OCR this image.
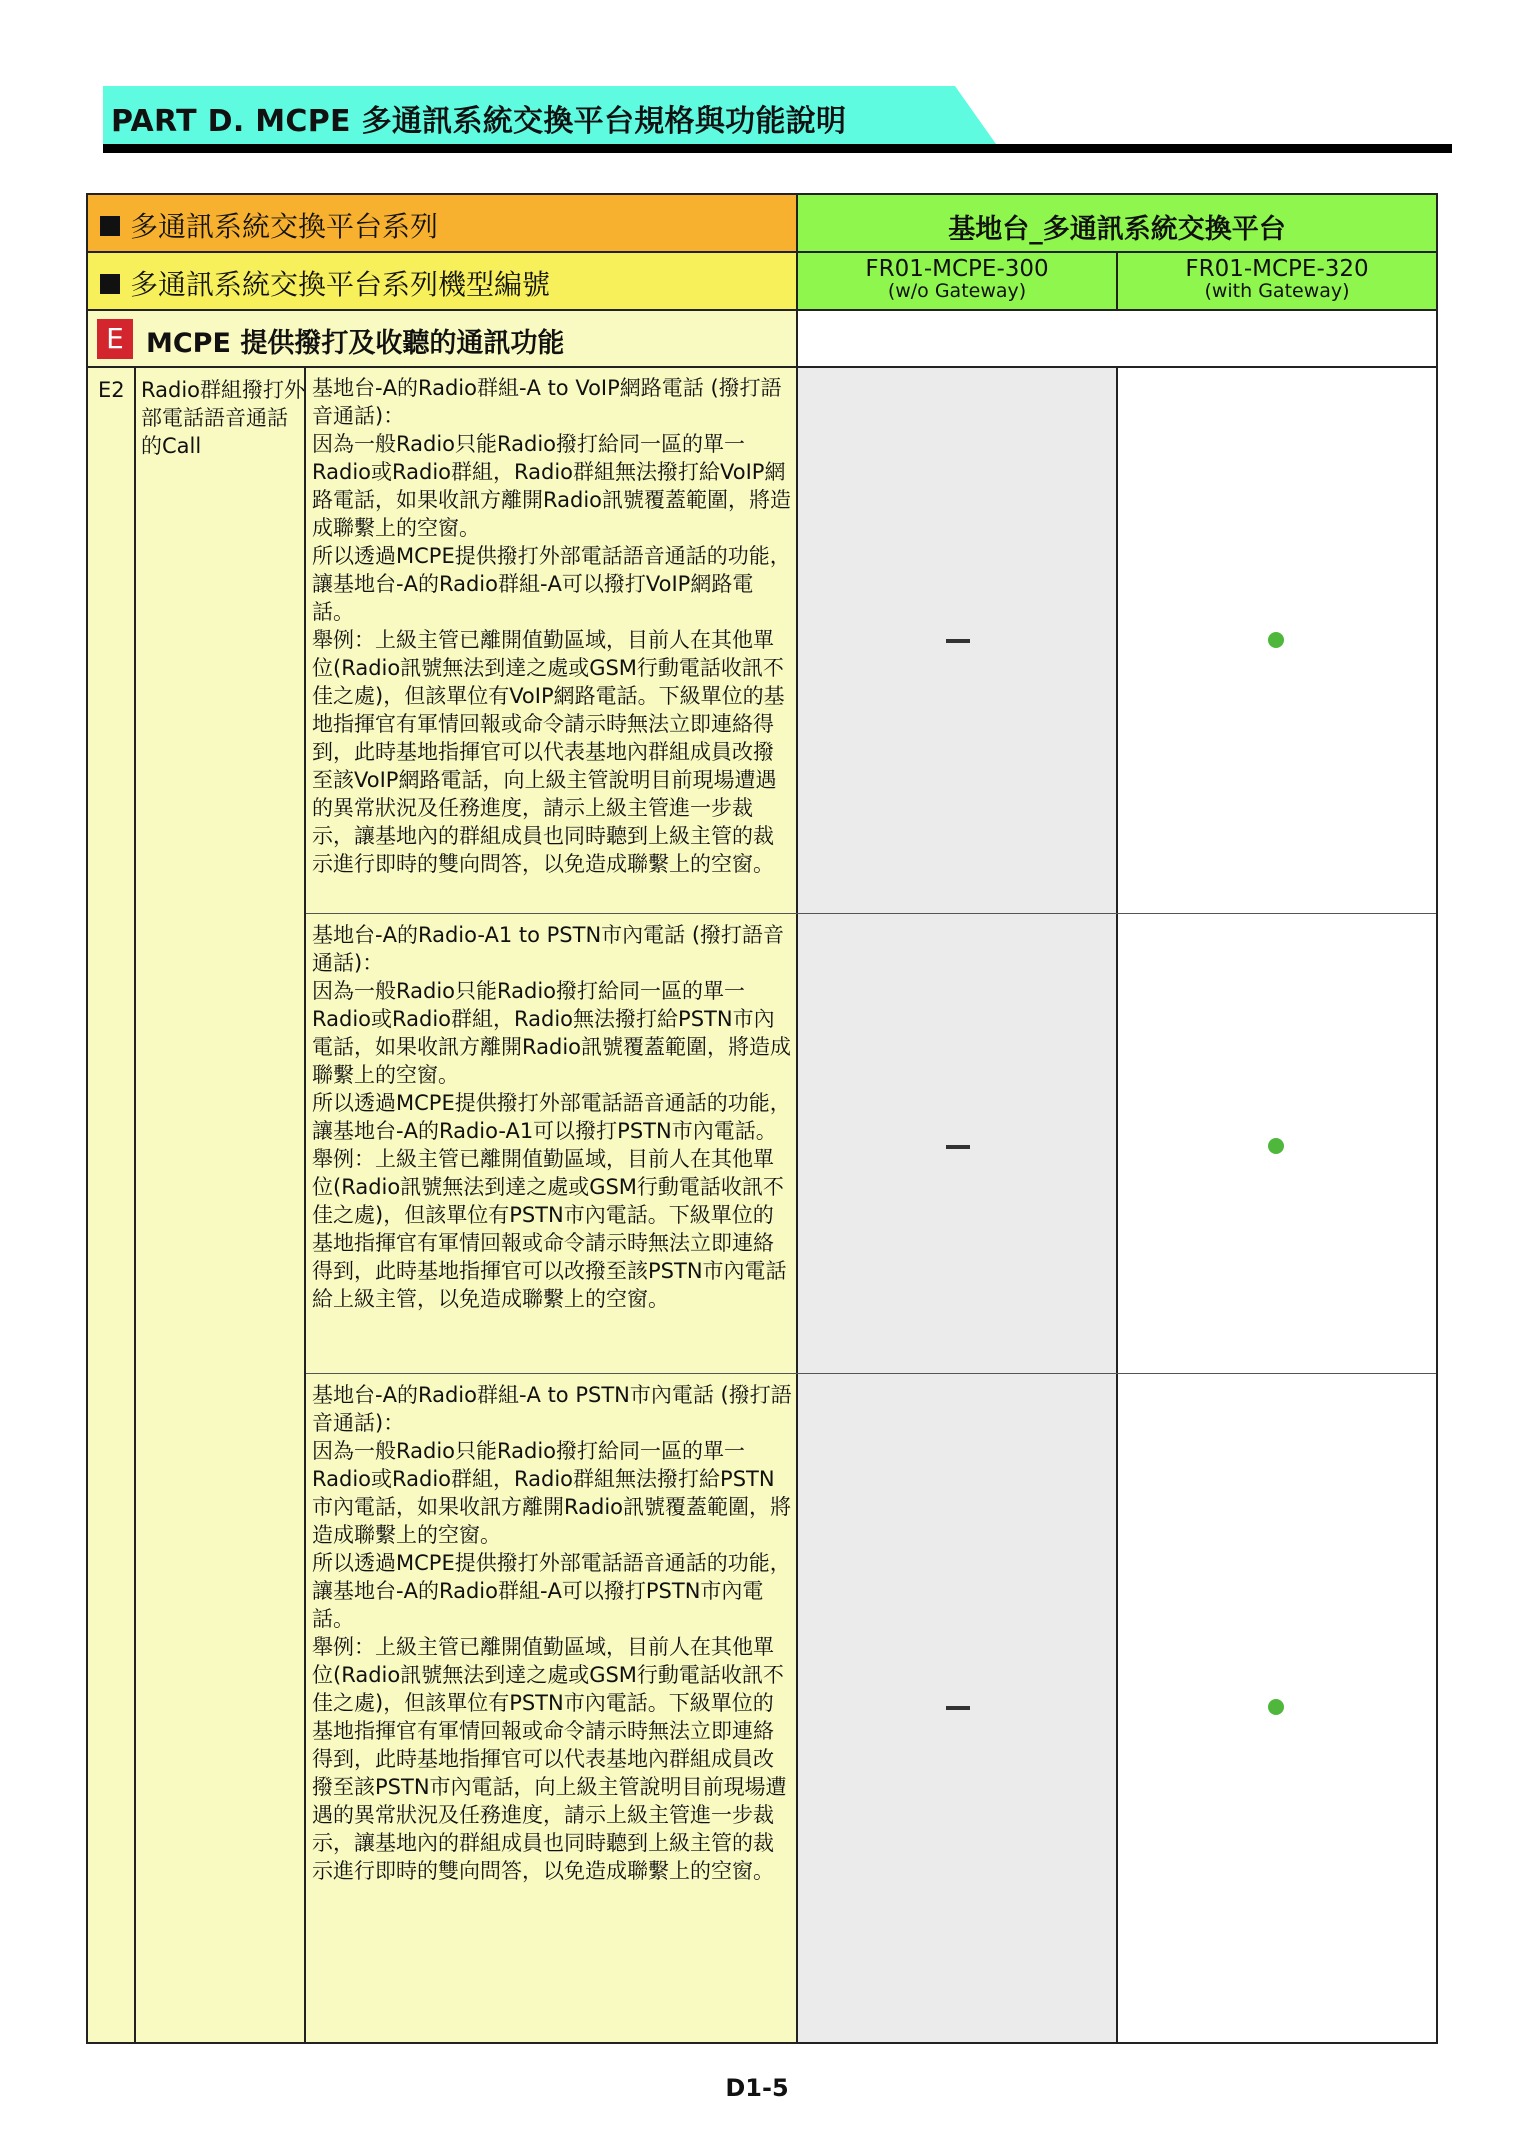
PART D. MCPE 多通訊系統交換平台規格與功能說明
多通訊系統交換平台系列	基地台_多通訊系統交換平台
多通訊系統交換平台系列機型編號	FR01-MCPE-300
(w/o Gateway)
FR01-MCPE-320
(with Gateway)
E MCPE 提供撥打及收聽的通訊功能
E2 Radio群組撥打外部電話語音通話的Call
基地台-A的Radio群組-A to VoIP網路電話 (撥打語音通話)：
因為一般Radio只能Radio撥打給同一區的單一Radio或Radio群組，Radio群組無法撥打給VoIP網路電話，如果收訊方離開Radio訊號覆蓋範圍，將造成聯繫上的空窗。
所以透過MCPE提供撥打外部電話語音通話的功能，讓基地台-A的Radio群組-A可以撥打VoIP網路電話。
舉例：上級主管已離開值勤區域，目前人在其他單位(Radio訊號無法到達之處或GSM行動電話收訊不佳之處)，但該單位有VoIP網路電話。下級單位的基地指揮官有軍情回報或命令請示時無法立即連絡得到，此時基地指揮官可以代表基地內群組成員改撥至該VoIP網路電話，向上級主管說明目前現場遭遇的異常狀況及任務進度，請示上級主管進一步裁示，讓基地內的群組成員也同時聽到上級主管的裁示進行即時的雙向問答，以免造成聯繫上的空窗。
基地台-A的Radio-A1 to PSTN市內電話 (撥打語音通話)：
因為一般Radio只能Radio撥打給同一區的單一Radio或Radio群組，Radio無法撥打給PSTN市內電話，如果收訊方離開Radio訊號覆蓋範圍，將造成聯繫上的空窗。
所以透過MCPE提供撥打外部電話語音通話的功能，讓基地台-A的Radio-A1可以撥打PSTN市內電話。
舉例：上級主管已離開值勤區域，目前人在其他單位(Radio訊號無法到達之處或GSM行動電話收訊不佳之處)，但該單位有PSTN市內電話。下級單位的基地指揮官有軍情回報或命令請示時無法立即連絡得到，此時基地指揮官可以改撥至該PSTN市內電話給上級主管，以免造成聯繫上的空窗。
基地台-A的Radio群組-A to PSTN市內電話 (撥打語音通話)：
因為一般Radio只能Radio撥打給同一區的單一Radio或Radio群組，Radio群組無法撥打給PSTN市內電話，如果收訊方離開Radio訊號覆蓋範圍，將造成聯繫上的空窗。
所以透過MCPE提供撥打外部電話語音通話的功能，讓基地台-A的Radio群組-A可以撥打PSTN市內電話。
舉例：上級主管已離開值勤區域，目前人在其他單位(Radio訊號無法到達之處或GSM行動電話收訊不佳之處)，但該單位有PSTN市內電話。下級單位的基地指揮官有軍情回報或命令請示時無法立即連絡得到，此時基地指揮官可以代表基地內群組成員改撥至該PSTN市內電話，向上級主管說明目前現場遭遇的異常狀況及任務進度，請示上級主管進一步裁示，讓基地內的群組成員也同時聽到上級主管的裁示進行即時的雙向問答，以免造成聯繫上的空窗。
D1-5
